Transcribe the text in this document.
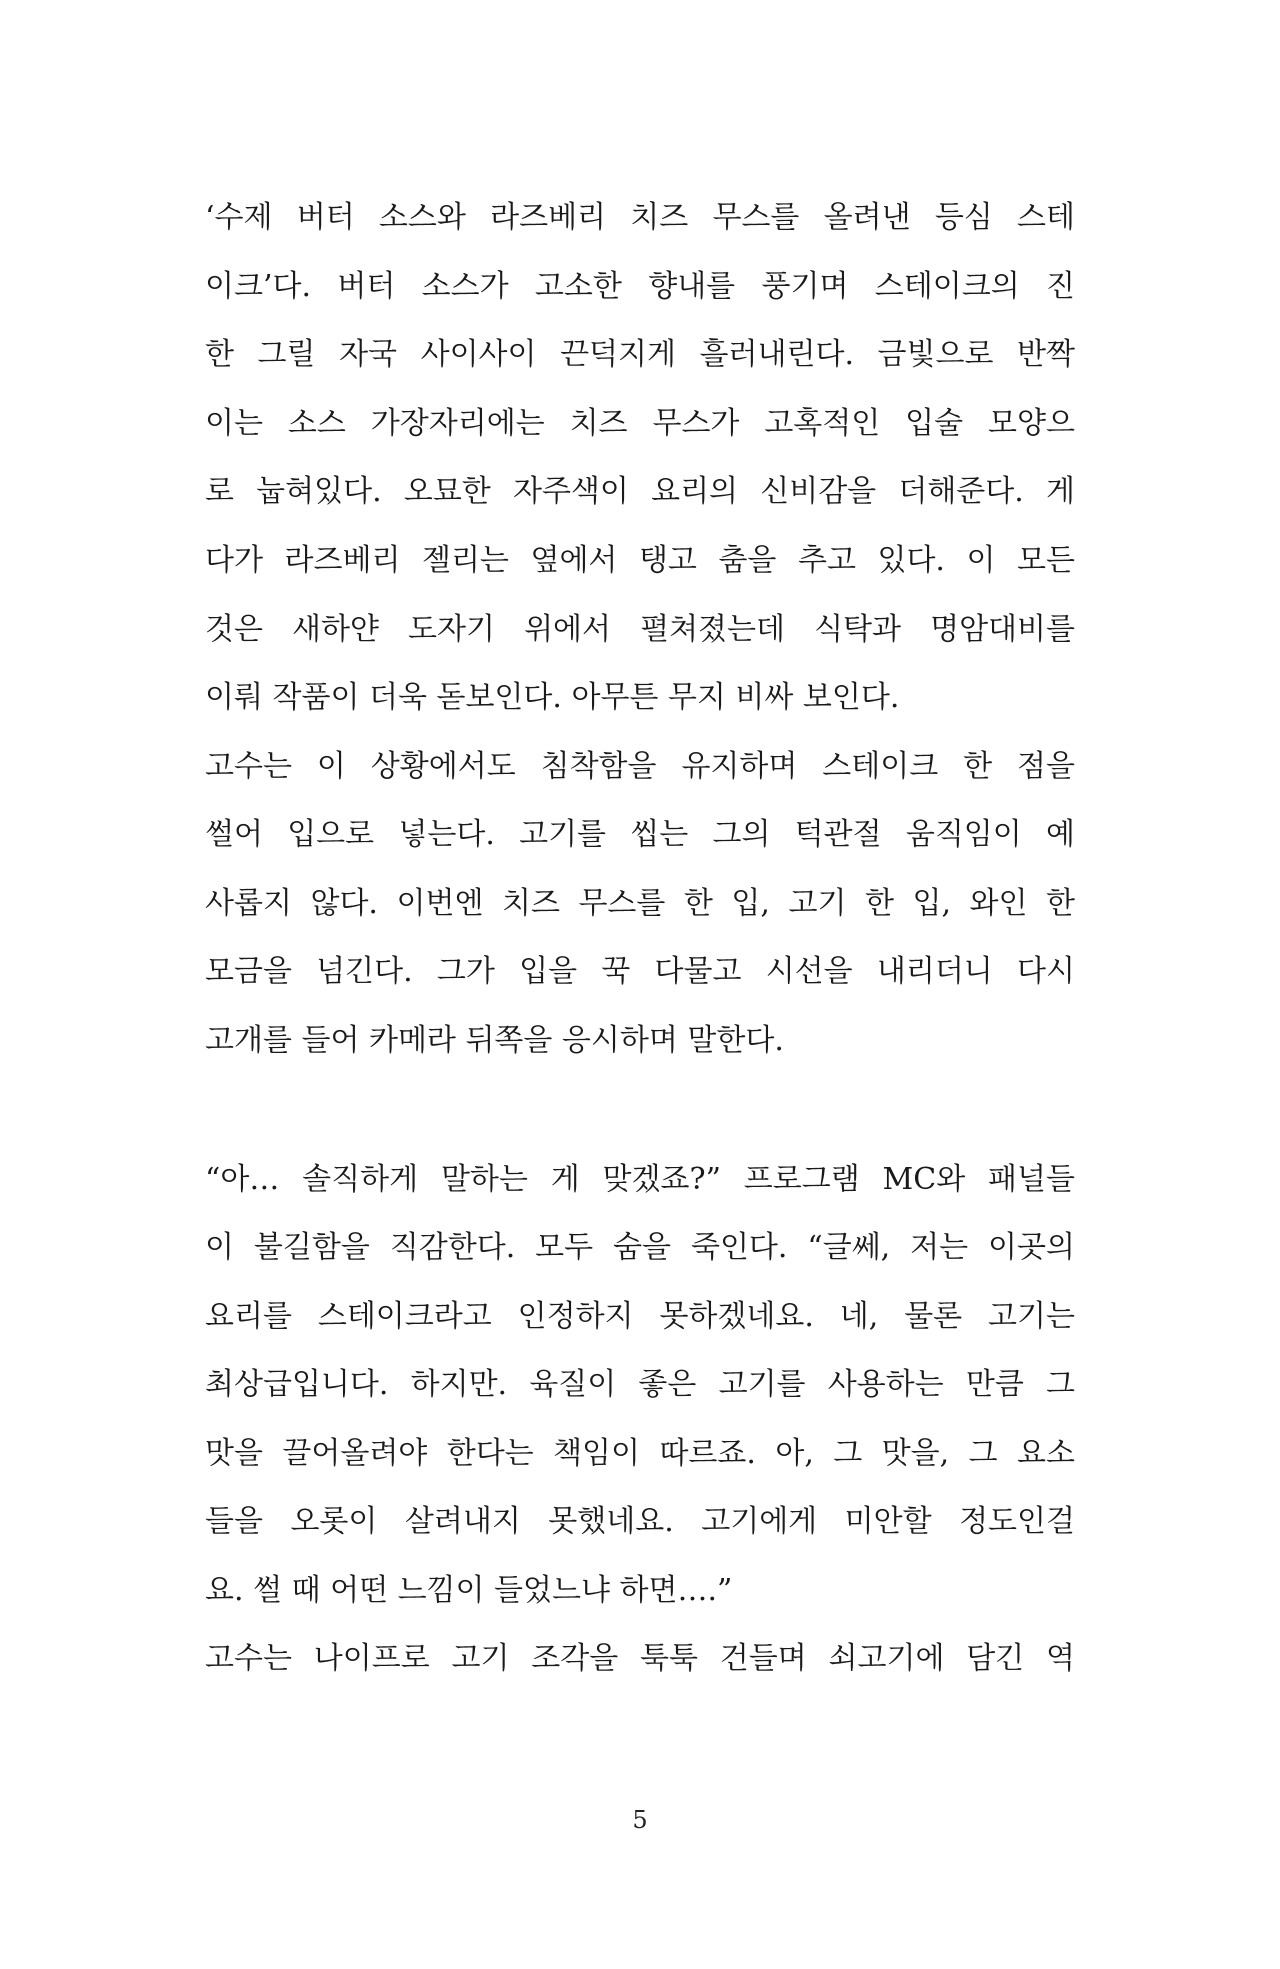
‘수제 버터 소스와 라즈베리 치즈 무스를 올려낸 등심 스테
이크’다. 버터 소스가 고소한 향내를 풍기며 스테이크의 진
한 그릴 자국 사이사이 끈덕지게 흘러내린다. 금빛으로 반짝
이는 소스 가장자리에는 치즈 무스가 고혹적인 입술 모양으
로 눕혀있다. 오묘한 자주색이 요리의 신비감을 더해준다. 게
다가 라즈베리 젤리는 옆에서 탱고 춤을 추고 있다. 이 모든
것은 새하얀 도자기 위에서 펼쳐졌는데 식탁과 명암대비를
이뤄 작품이 더욱 돋보인다. 아무튼 무지 비싸 보인다.
고수는 이 상황에서도 침착함을 유지하며 스테이크 한 점을
썰어 입으로 넣는다. 고기를 씹는 그의 턱관절 움직임이 예
사롭지 않다. 이번엔 치즈 무스를 한 입, 고기 한 입, 와인 한
모금을 넘긴다. 그가 입을 꾹 다물고 시선을 내리더니 다시
고개를 들어 카메라 뒤쪽을 응시하며 말한다.
“아… 솔직하게 말하는 게 맞겠죠?” 프로그램 MC와 패널들
이 불길함을 직감한다. 모두 숨을 죽인다. “글쎄, 저는 이곳의
요리를 스테이크라고 인정하지 못하겠네요. 네, 물론 고기는
최상급입니다. 하지만. 육질이 좋은 고기를 사용하는 만큼 그
맛을 끌어올려야 한다는 책임이 따르죠. 아, 그 맛을, 그 요소
들을 오롯이 살려내지 못했네요. 고기에게 미안할 정도인걸
요. 썰 때 어떤 느낌이 들었느냐 하면….”
고수는 나이프로 고기 조각을 툭툭 건들며 쇠고기에 담긴 역
5
